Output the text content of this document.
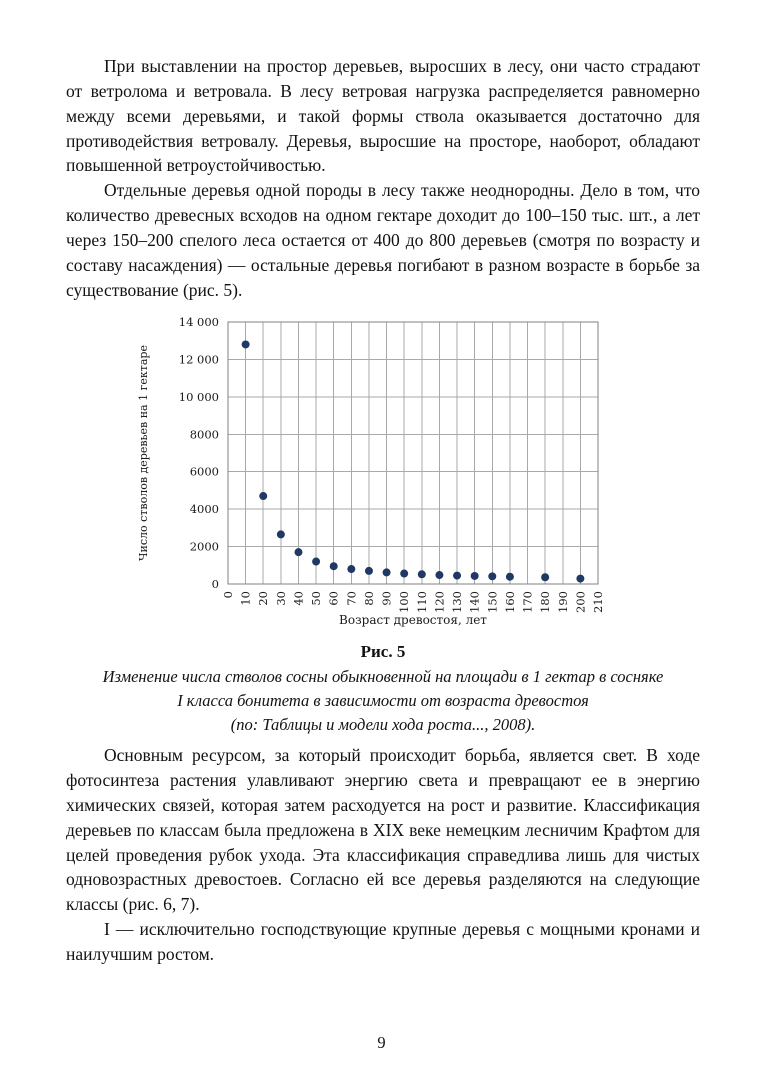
При выставлении на простор деревьев, выросших в лесу, они часто страдают от ветролома и ветровала. В лесу ветровая нагрузка распределяется равномерно между всеми деревьями, и такой формы ствола оказывается достаточно для противодействия ветровалу. Деревья, выросшие на просторе, наоборот, обладают повышенной ветроустойчивостью.

Отдельные деревья одной породы в лесу также неоднородны. Дело в том, что количество древесных всходов на одном гектаре доходит до 100–150 тыс. шт., а лет через 150–200 спелого леса остается от 400 до 800 деревьев (смотря по возрасту и составу насаждения) — остальные деревья погибают в разном возрасте в борьбе за существование (рис. 5).

0
2000
4000
6000
8000
10 000
12 000
14 000
0 10 20 30 40 50 60 70 80 90 100 110 120 130 140 150 160 170 180 190 200 210
Возраст древостоя, лет
Число стволов деревьев на 1 гектаре
Рис. 5
Изменение числа стволов сосны обыкновенной на площади в 1 гектар в сосняке
I класса бонитета в зависимости от возраста древостоя
(по: Таблицы и модели хода роста..., 2008).

Основным ресурсом, за который происходит борьба, является свет. В ходе фотосинтеза растения улавливают энергию света и превращают ее в энергию химических связей, которая затем расходуется на рост и развитие. Классификация деревьев по классам была предложена в XIX веке немецким лесничим Крафтом для целей проведения рубок ухода. Эта классификация справедлива лишь для чистых одновозрастных древостоев. Согласно ей все деревья разделяются на следующие классы (рис. 6, 7).

I — исключительно господствующие крупные деревья с мощными кронами и наилучшим ростом.

9
